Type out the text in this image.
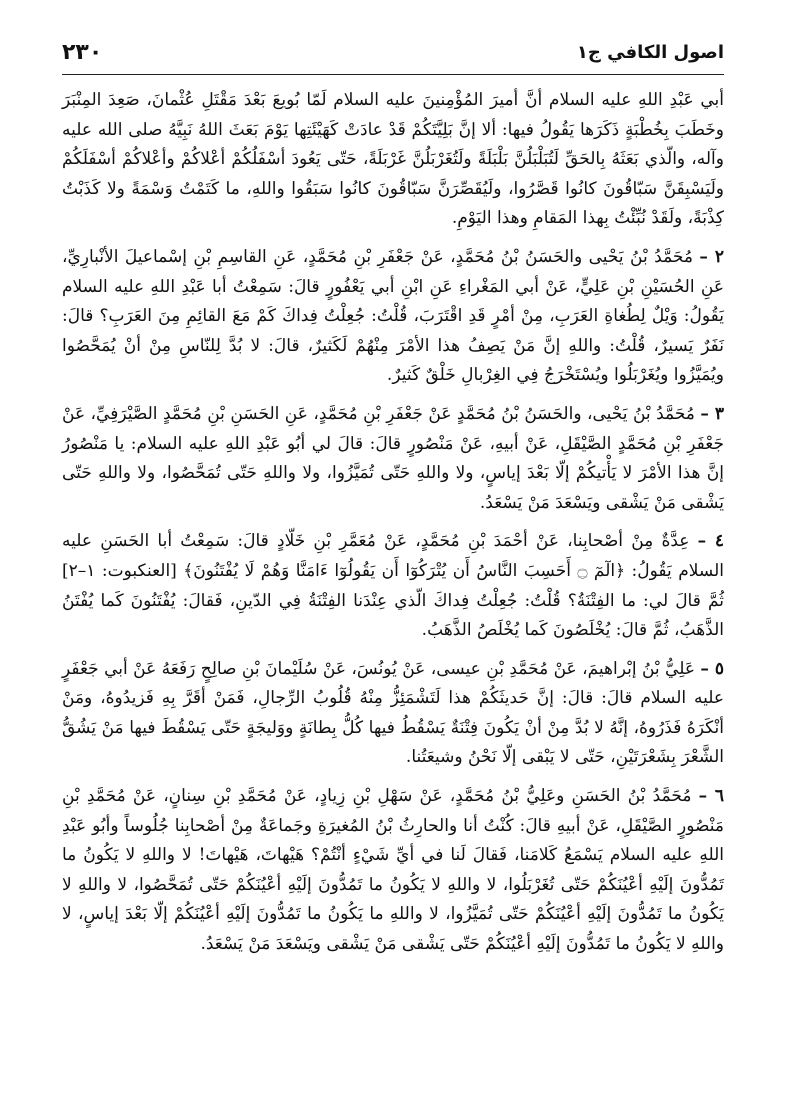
٢٣٠	اصول الكافي ج١

أبي عَبْدِ اللهِ عليه السلام أنَّ أميرَ المُؤْمِنينَ عليه السلام لَمّا بُويعَ بَعْدَ مَقْتَلِ عُثْمانَ، صَعِدَ المِنْبَرَ وخَطَبَ بِخُطْبَةٍ ذَكَرَها يَقُولُ فيها: ألا إنَّ بَلِيَّتَكُمْ قَدْ عادَتْ كَهَيْئَتِها يَوْمَ بَعَثَ اللهُ نَبِيَّهُ صلى الله عليه وآله، والّذي بَعَثَهُ بِالحَقِّ لَتُبَلْبَلُنَّ بَلْبَلَةً ولَتُغَرْبَلُنَّ غَرْبَلَةً، حَتّى يَعُودَ أسْفَلُكُمْ أعْلاكُمْ وأعْلاكُمْ أسْفَلَكُمْ ولَيَسْبِقَنَّ سَبّاقُونَ كانُوا قَصَّرُوا، ولَيُقَصِّرَنَّ سَبّاقُونَ كانُوا سَبَقُوا واللهِ، ما كَتَمْتُ وَسْمَةً ولا كَذَبْتُ كِذْبَةً، ولَقَدْ نُبِّئْتُ بِهذا المَقامِ وهذا اليَوْمِ.

٢ – مُحَمَّدُ بْنُ يَحْيى والحَسَنُ بْنُ مُحَمَّدٍ، عَنْ جَعْفَرِ بْنِ مُحَمَّدٍ، عَنِ القاسِمِ بْنِ إسْماعيلَ الأنْبارِيِّ، عَنِ الحُسَيْنِ بْنِ عَلِيٍّ، عَنْ أبي المَغْراءِ عَنِ ابْنِ أبي يَعْفُورٍ قالَ: سَمِعْتُ أبا عَبْدِ اللهِ عليه السلام يَقُولُ: وَيْلٌ لِطُغاةِ العَرَبِ، مِنْ أمْرٍ قَدِ اقْتَرَبَ، قُلْتُ: جُعِلْتُ فِداكَ كَمْ مَعَ القائِمِ مِنَ العَرَبِ؟ قالَ: نَفَرٌ يَسيرٌ، قُلْتُ: واللهِ إنَّ مَنْ يَصِفُ هذا الأمْرَ مِنْهُمْ لَكَثيرٌ، قالَ: لا بُدَّ لِلنّاسِ مِنْ أنْ يُمَحَّصُوا ويُمَيَّزُوا ويُغَرْبَلُوا ويُسْتَخْرَجُ فِي الغِرْبالِ خَلْقٌ كَثيرٌ.

٣ – مُحَمَّدُ بْنُ يَحْيى، والحَسَنُ بْنُ مُحَمَّدٍ عَنْ جَعْفَرِ بْنِ مُحَمَّدٍ، عَنِ الحَسَنِ بْنِ مُحَمَّدٍ الصَّيْرَفِيِّ، عَنْ جَعْفَرِ بْنِ مُحَمَّدٍ الصَّيْقَلِ، عَنْ أبيهِ، عَنْ مَنْصُورٍ قالَ: قالَ لي أبُو عَبْدِ اللهِ عليه السلام: يا مَنْصُورُ إنَّ هذا الأمْرَ لا يَأْتيكُمْ إلّا بَعْدَ إياسٍ، ولا واللهِ حَتّى تُمَيَّزُوا، ولا واللهِ حَتّى تُمَحَّصُوا، ولا واللهِ حَتّى يَشْقى مَنْ يَشْقى ويَسْعَدَ مَنْ يَسْعَدُ.

٤ – عِدَّةٌ مِنْ أصْحابِنا، عَنْ أحْمَدَ بْنِ مُحَمَّدٍ، عَنْ مُعَمَّرِ بْنِ خَلّادٍ قالَ: سَمِعْتُ أبا الحَسَنِ عليه السلام يَقُولُ: ﴿الٓمٓ ۝ أَحَسِبَ النَّاسُ أَن يُتْرَكُوٓا أَن يَقُولُوٓا ءَامَنَّا وَهُمْ لَا يُفْتَنُونَ﴾ [العنكبوت: ١–٢] ثُمَّ قالَ لي: ما الفِتْنَةُ؟ قُلْتُ: جُعِلْتُ فِداكَ الّذي عِنْدَنا الفِتْنَةُ فِي الدّينِ، فَقالَ: يُفْتَنُونَ كَما يُفْتَنُ الذَّهَبُ، ثُمَّ قالَ: يُخْلَصُونَ كَما يُخْلَصُ الذَّهَبُ.

٥ – عَلِيُّ بْنُ إبْراهيمَ، عَنْ مُحَمَّدِ بْنِ عيسى، عَنْ يُونُسَ، عَنْ سُلَيْمانَ بْنِ صالِحٍ رَفَعَهُ عَنْ أبي جَعْفَرٍ عليه السلام قالَ: قالَ: إنَّ حَديثَكُمْ هذا لَتَشْمَئِزُّ مِنْهُ قُلُوبُ الرِّجالِ، فَمَنْ أقَرَّ بِهِ فَزيدُوهُ، ومَنْ أنْكَرَهُ فَذَرُوهُ، إنَّهُ لا بُدَّ مِنْ أنْ يَكُونَ فِتْنَةٌ يَسْقُطُ فيها كُلُّ بِطانَةٍ ووَليجَةٍ حَتّى يَسْقُطَ فيها مَنْ يَشُقُّ الشَّعْرَ بِشَعْرَتَيْنِ، حَتّى لا يَبْقى إلّا نَحْنُ وشيعَتُنا.

٦ – مُحَمَّدُ بْنُ الحَسَنِ وعَلِيُّ بْنُ مُحَمَّدٍ، عَنْ سَهْلِ بْنِ زِيادٍ، عَنْ مُحَمَّدِ بْنِ سِنانٍ، عَنْ مُحَمَّدِ بْنِ مَنْصُورٍ الصَّيْقَلِ، عَنْ أبيهِ قالَ: كُنْتُ أنا والحارِثُ بْنُ المُغيرَةِ وجَماعَةٌ مِنْ أصْحابِنا جُلُوساً وأبُو عَبْدِ اللهِ عليه السلام يَسْمَعُ كَلامَنا، فَقالَ لَنا في أيِّ شَيْءٍ أنْتُمْ؟ هَيْهاتَ، هَيْهاتَ! لا واللهِ لا يَكُونُ ما تَمُدُّونَ إلَيْهِ أعْيُنَكُمْ حَتّى تُغَرْبَلُوا، لا واللهِ لا يَكُونُ ما تَمُدُّونَ إلَيْهِ أعْيُنَكُمْ حَتّى تُمَحَّصُوا، لا واللهِ لا يَكُونُ ما تَمُدُّونَ إلَيْهِ أعْيُنَكُمْ حَتّى تُمَيَّزُوا، لا واللهِ ما يَكُونُ ما تَمُدُّونَ إلَيْهِ أعْيُنَكُمْ إلّا بَعْدَ إياسٍ، لا واللهِ لا يَكُونُ ما تَمُدُّونَ إلَيْهِ أعْيُنَكُمْ حَتّى يَشْقى مَنْ يَشْقى ويَسْعَدَ مَنْ يَسْعَدُ.
